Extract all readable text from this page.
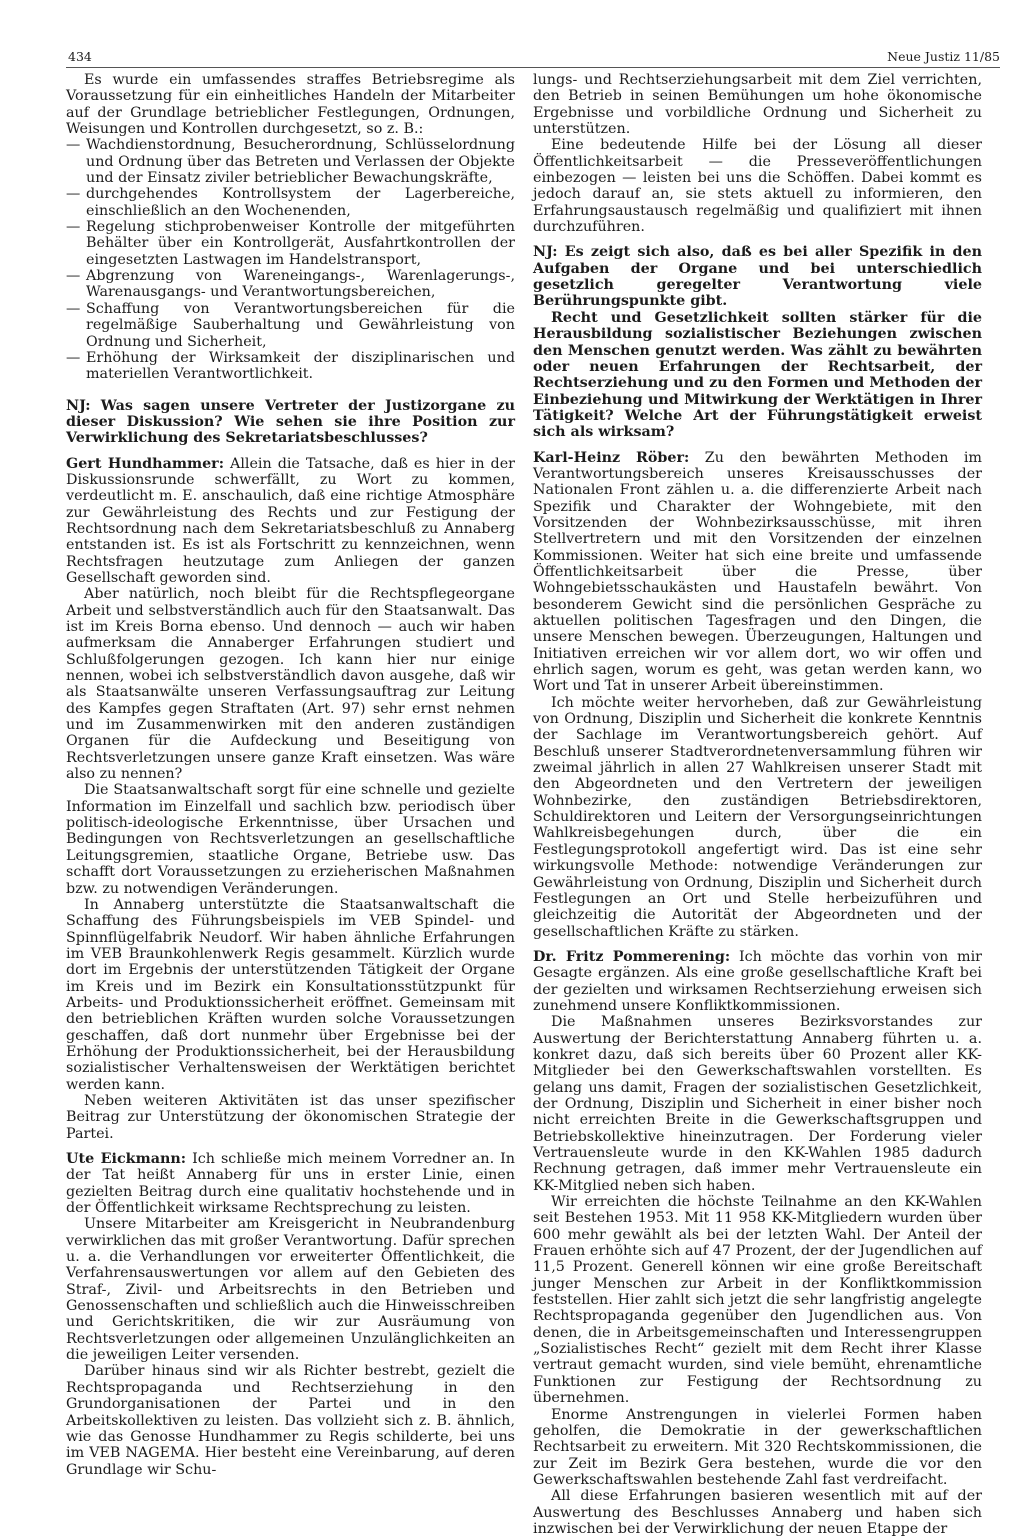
434	Neue Justiz 11/85

Es wurde ein umfassendes straffes Betriebsregime als Voraussetzung für ein einheitliches Handeln der Mitarbeiter auf der Grundlage betrieblicher Festlegungen, Ordnungen, Weisungen und Kontrollen durchgesetzt, so z. B.:

— Wachdienstordnung, Besucherordnung, Schlüsselordnung und Ordnung über das Betreten und Verlassen der Objekte und der Einsatz ziviler betrieblicher Bewachungskräfte,
— durchgehendes Kontrollsystem der Lagerbereiche, einschließlich an den Wochenenden,
— Regelung stichprobenweiser Kontrolle der mitgeführten Behälter über ein Kontrollgerät, Ausfahrtkontrollen der eingesetzten Lastwagen im Handelstransport,
— Abgrenzung von Wareneingangs-, Warenlagerungs-, Warenausgangs- und Verantwortungsbereichen,
— Schaffung von Verantwortungsbereichen für die regelmäßige Sauberhaltung und Gewährleistung von Ordnung und Sicherheit,
— Erhöhung der Wirksamkeit der disziplinarischen und materiellen Verantwortlichkeit.

NJ: Was sagen unsere Vertreter der Justizorgane zu dieser Diskussion? Wie sehen sie ihre Position zur Verwirklichung des Sekretariatsbeschlusses?

Gert Hundhammer: Allein die Tatsache, daß es hier in der Diskussionsrunde schwerfällt, zu Wort zu kommen, verdeutlicht m. E. anschaulich, daß eine richtige Atmosphäre zur Gewährleistung des Rechts und zur Festigung der Rechtsordnung nach dem Sekretariatsbeschluß zu Annaberg entstanden ist. Es ist als Fortschritt zu kennzeichnen, wenn Rechtsfragen heutzutage zum Anliegen der ganzen Gesellschaft geworden sind.

Aber natürlich, noch bleibt für die Rechtspflegeorgane Arbeit und selbstverständlich auch für den Staatsanwalt. Das ist im Kreis Borna ebenso. Und dennoch — auch wir haben aufmerksam die Annaberger Erfahrungen studiert und Schlußfolgerungen gezogen. Ich kann hier nur einige nennen, wobei ich selbstverständlich davon ausgehe, daß wir als Staatsanwälte unseren Verfassungsauftrag zur Leitung des Kampfes gegen Straftaten (Art. 97) sehr ernst nehmen und im Zusammenwirken mit den anderen zuständigen Organen für die Aufdeckung und Beseitigung von Rechtsverletzungen unsere ganze Kraft einsetzen. Was wäre also zu nennen?

Die Staatsanwaltschaft sorgt für eine schnelle und gezielte Information im Einzelfall und sachlich bzw. periodisch über politisch-ideologische Erkenntnisse, über Ursachen und Bedingungen von Rechtsverletzungen an gesellschaftliche Leitungsgremien, staatliche Organe, Betriebe usw. Das schafft dort Voraussetzungen zu erzieherischen Maßnahmen bzw. zu notwendigen Veränderungen.

In Annaberg unterstützte die Staatsanwaltschaft die Schaffung des Führungsbeispiels im VEB Spindel- und Spinnflügelfabrik Neudorf. Wir haben ähnliche Erfahrungen im VEB Braunkohlenwerk Regis gesammelt. Kürzlich wurde dort im Ergebnis der unterstützenden Tätigkeit der Organe im Kreis und im Bezirk ein Konsultationsstützpunkt für Arbeits- und Produktionssicherheit eröffnet. Gemeinsam mit den betrieblichen Kräften wurden solche Voraussetzungen geschaffen, daß dort nunmehr über Ergebnisse bei der Erhöhung der Produktionssicherheit, bei der Herausbildung sozialistischer Verhaltensweisen der Werktätigen berichtet werden kann.

Neben weiteren Aktivitäten ist das unser spezifischer Beitrag zur Unterstützung der ökonomischen Strategie der Partei.

Ute Eickmann: Ich schließe mich meinem Vorredner an. In der Tat heißt Annaberg für uns in erster Linie, einen gezielten Beitrag durch eine qualitativ hochstehende und in der Öffentlichkeit wirksame Rechtsprechung zu leisten.

Unsere Mitarbeiter am Kreisgericht in Neubrandenburg verwirklichen das mit großer Verantwortung. Dafür sprechen u. a. die Verhandlungen vor erweiterter Öffentlichkeit, die Verfahrensauswertungen vor allem auf den Gebieten des Straf-, Zivil- und Arbeitsrechts in den Betrieben und Genossenschaften und schließlich auch die Hinweisschreiben und Gerichtskritiken, die wir zur Ausräumung von Rechtsverletzungen oder allgemeinen Unzulänglichkeiten an die jeweiligen Leiter versenden.

Darüber hinaus sind wir als Richter bestrebt, gezielt die Rechtspropaganda und Rechtserziehung in den Grundorganisationen der Partei und in den Arbeitskollektiven zu leisten. Das vollzieht sich z. B. ähnlich, wie das Genosse Hundhammer zu Regis schilderte, bei uns im VEB NAGEMA. Hier besteht eine Vereinbarung, auf deren Grundlage wir Schu-

lungs- und Rechtserziehungsarbeit mit dem Ziel verrichten, den Betrieb in seinen Bemühungen um hohe ökonomische Ergebnisse und vorbildliche Ordnung und Sicherheit zu unterstützen.

Eine bedeutende Hilfe bei der Lösung all dieser Öffentlichkeitsarbeit — die Presseveröffentlichungen einbezogen — leisten bei uns die Schöffen. Dabei kommt es jedoch darauf an, sie stets aktuell zu informieren, den Erfahrungsaustausch regelmäßig und qualifiziert mit ihnen durchzuführen.

NJ: Es zeigt sich also, daß es bei aller Spezifik in den Aufgaben der Organe und bei unterschiedlich gesetzlich geregelter Verantwortung viele Berührungspunkte gibt.

Recht und Gesetzlichkeit sollten stärker für die Herausbildung sozialistischer Beziehungen zwischen den Menschen genutzt werden. Was zählt zu bewährten oder neuen Erfahrungen der Rechtsarbeit, der Rechtserziehung und zu den Formen und Methoden der Einbeziehung und Mitwirkung der Werktätigen in Ihrer Tätigkeit? Welche Art der Führungstätigkeit erweist sich als wirksam?

Karl-Heinz Röber: Zu den bewährten Methoden im Verantwortungsbereich unseres Kreisausschusses der Nationalen Front zählen u. a. die differenzierte Arbeit nach Spezifik und Charakter der Wohngebiete, mit den Vorsitzenden der Wohnbezirksausschüsse, mit ihren Stellvertretern und mit den Vorsitzenden der einzelnen Kommissionen. Weiter hat sich eine breite und umfassende Öffentlichkeitsarbeit über die Presse, über Wohngebietsschaukästen und Haustafeln bewährt. Von besonderem Gewicht sind die persönlichen Gespräche zu aktuellen politischen Tagesfragen und den Dingen, die unsere Menschen bewegen. Überzeugungen, Haltungen und Initiativen erreichen wir vor allem dort, wo wir offen und ehrlich sagen, worum es geht, was getan werden kann, wo Wort und Tat in unserer Arbeit übereinstimmen.

Ich möchte weiter hervorheben, daß zur Gewährleistung von Ordnung, Disziplin und Sicherheit die konkrete Kenntnis der Sachlage im Verantwortungsbereich gehört. Auf Beschluß unserer Stadtverordnetenversammlung führen wir zweimal jährlich in allen 27 Wahlkreisen unserer Stadt mit den Abgeordneten und den Vertretern der jeweiligen Wohnbezirke, den zuständigen Betriebsdirektoren, Schuldirektoren und Leitern der Versorgungseinrichtungen Wahlkreisbegehungen durch, über die ein Festlegungsprotokoll angefertigt wird. Das ist eine sehr wirkungsvolle Methode: notwendige Veränderungen zur Gewährleistung von Ordnung, Disziplin und Sicherheit durch Festlegungen an Ort und Stelle herbeizuführen und gleichzeitig die Autorität der Abgeordneten und der gesellschaftlichen Kräfte zu stärken.

Dr. Fritz Pommerening: Ich möchte das vorhin von mir Gesagte ergänzen. Als eine große gesellschaftliche Kraft bei der gezielten und wirksamen Rechtserziehung erweisen sich zunehmend unsere Konfliktkommissionen.

Die Maßnahmen unseres Bezirksvorstandes zur Auswertung der Berichterstattung Annaberg führten u. a. konkret dazu, daß sich bereits über 60 Prozent aller KK-Mitglieder bei den Gewerkschaftswahlen vorstellten. Es gelang uns damit, Fragen der sozialistischen Gesetzlichkeit, der Ordnung, Disziplin und Sicherheit in einer bisher noch nicht erreichten Breite in die Gewerkschaftsgruppen und Betriebskollektive hineinzutragen. Der Forderung vieler Vertrauensleute wurde in den KK-Wahlen 1985 dadurch Rechnung getragen, daß immer mehr Vertrauensleute ein KK-Mitglied neben sich haben.

Wir erreichten die höchste Teilnahme an den KK-Wahlen seit Bestehen 1953. Mit 11 958 KK-Mitgliedern wurden über 600 mehr gewählt als bei der letzten Wahl. Der Anteil der Frauen erhöhte sich auf 47 Prozent, der der Jugendlichen auf 11,5 Prozent. Generell können wir eine große Bereitschaft junger Menschen zur Arbeit in der Konfliktkommission feststellen. Hier zahlt sich jetzt die sehr langfristig angelegte Rechtspropaganda gegenüber den Jugendlichen aus. Von denen, die in Arbeitsgemeinschaften und Interessengruppen „Sozialistisches Recht“ gezielt mit dem Recht ihrer Klasse vertraut gemacht wurden, sind viele bemüht, ehrenamtliche Funktionen zur Festigung der Rechtsordnung zu übernehmen.

Enorme Anstrengungen in vielerlei Formen haben geholfen, die Demokratie in der gewerkschaftlichen Rechtsarbeit zu erweitern. Mit 320 Rechtskommissionen, die zur Zeit im Bezirk Gera bestehen, wurde die vor den Gewerkschaftswahlen bestehende Zahl fast verdreifacht.

All diese Erfahrungen basieren wesentlich mit auf der Auswertung des Beschlusses Annaberg und haben sich inzwischen bei der Verwirklichung der neuen Etappe der
